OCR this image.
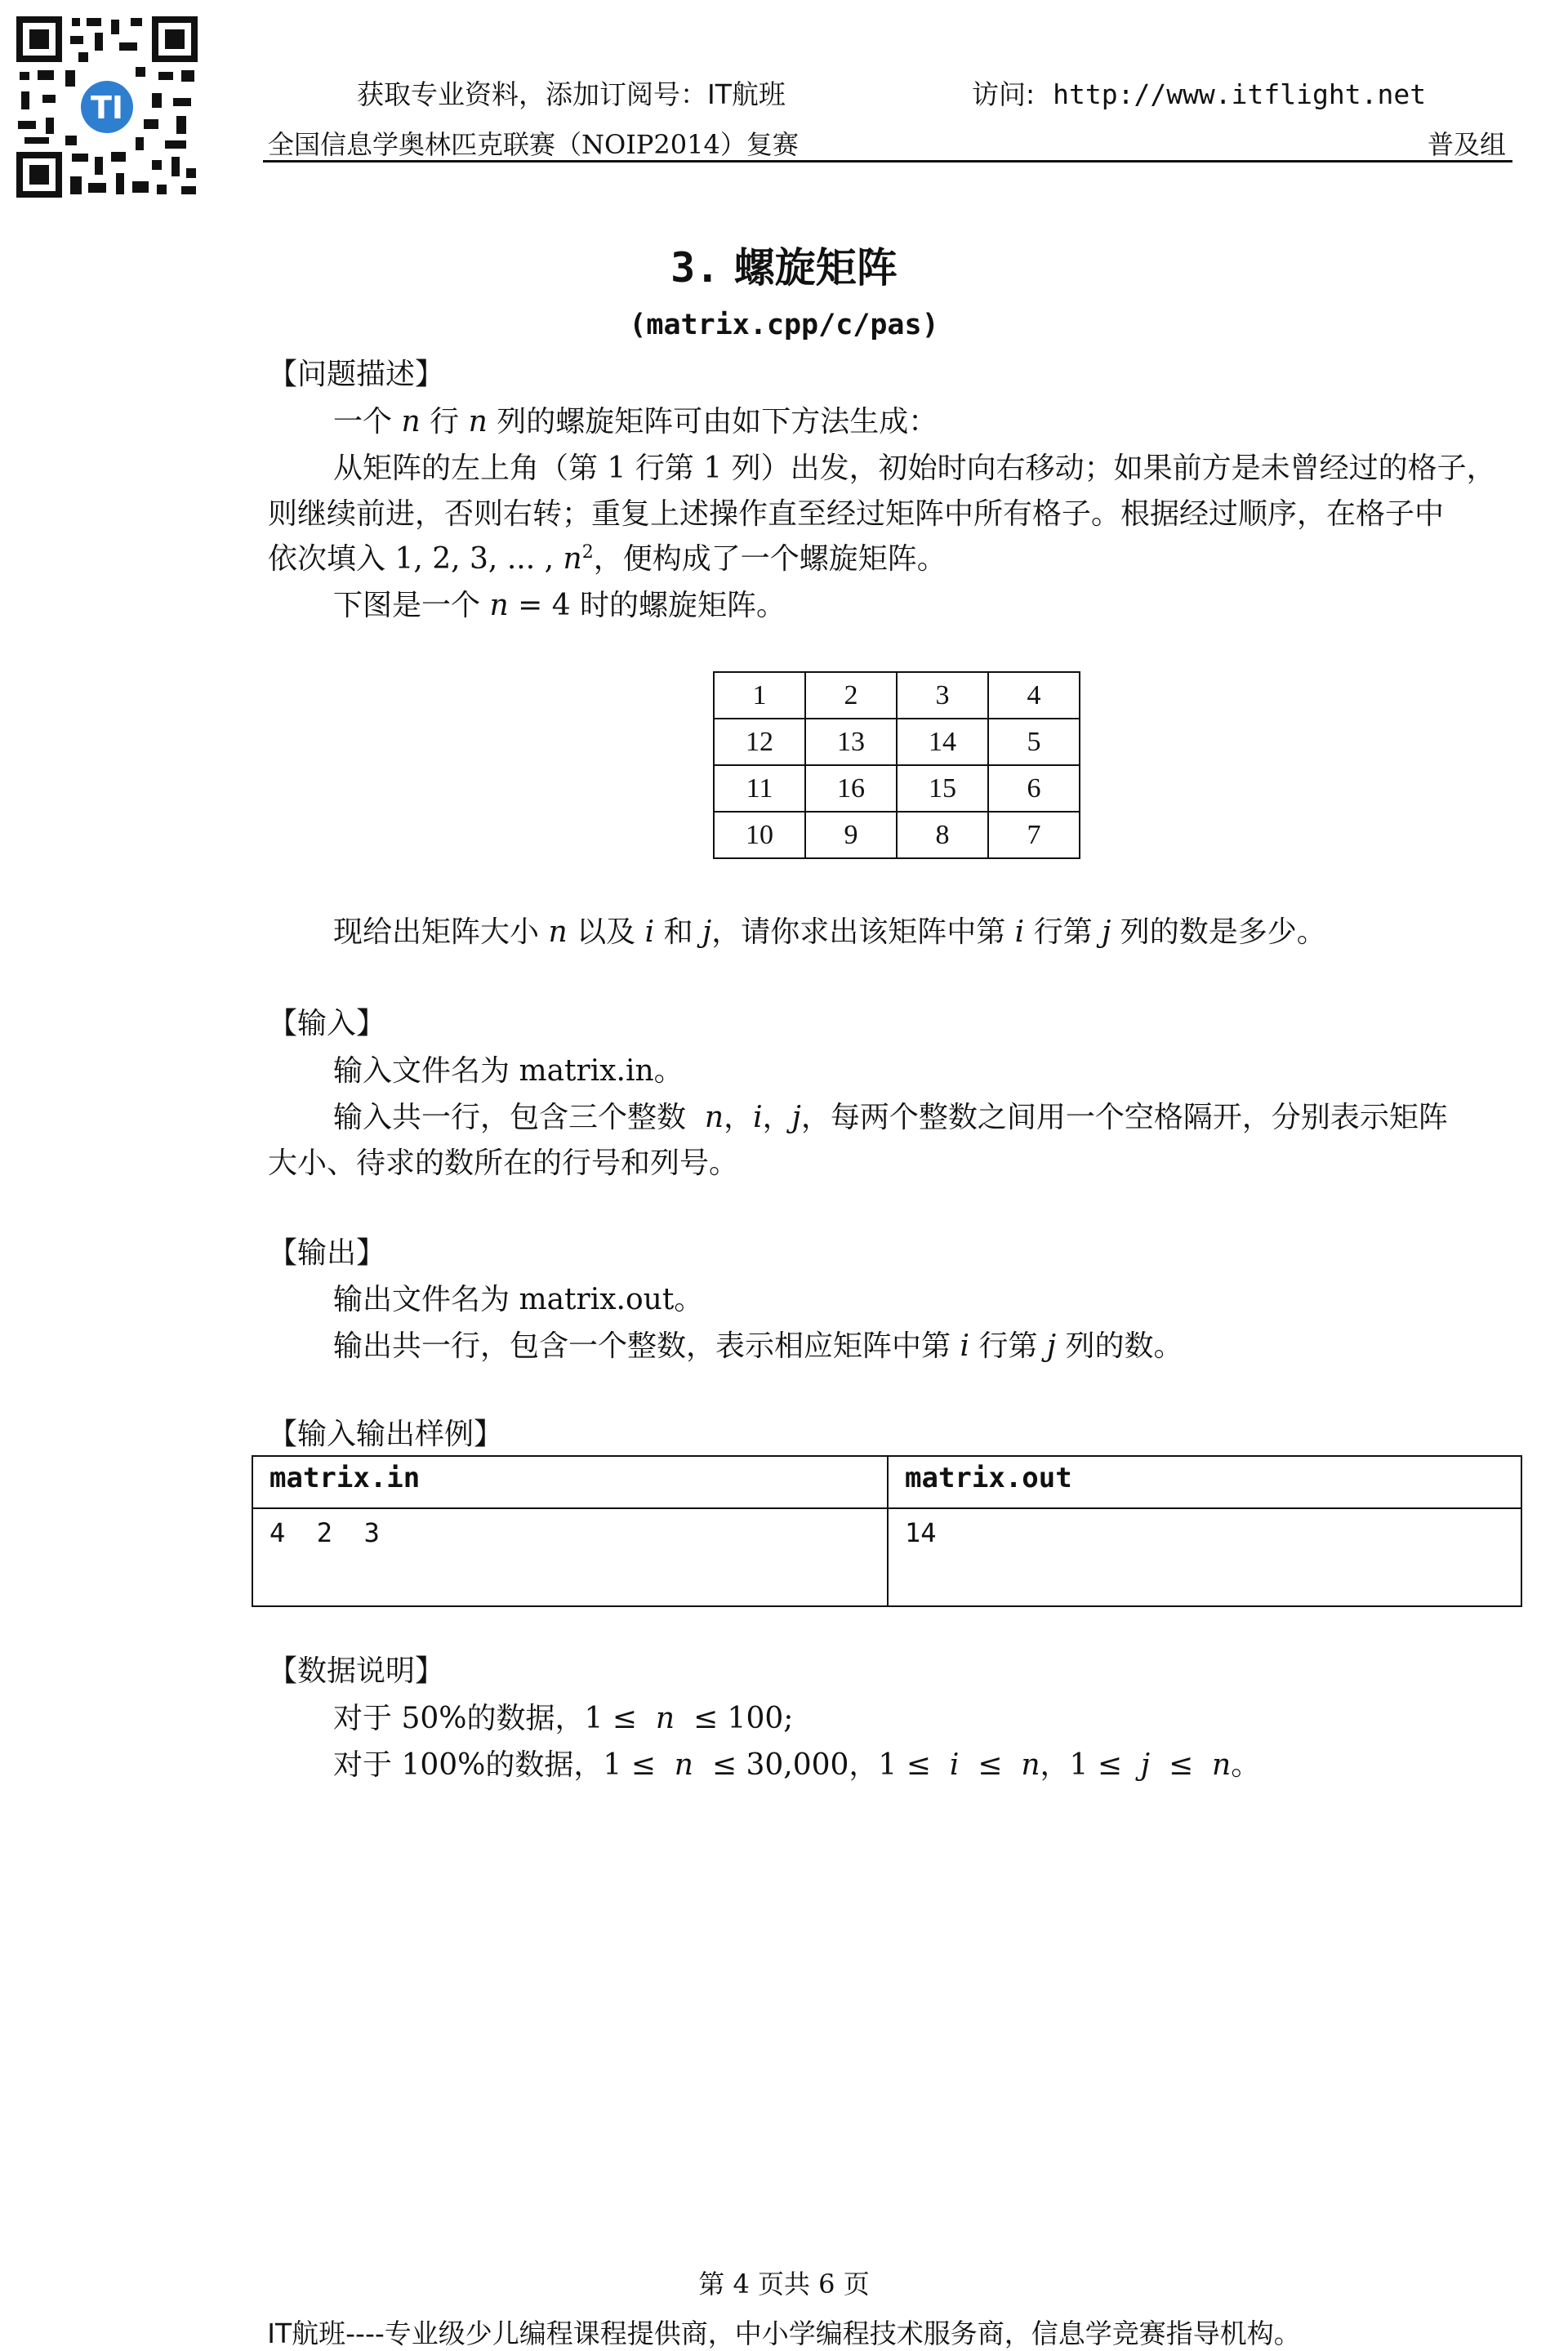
TI	获取专业资料，添加订阅号：IT航班	访问: http://www.itflight.net
全国信息学奥林匹克联赛（NOIP2014）复赛	普及组
3. 螺旋矩阵
(matrix.cpp/c/pas)
【问题描述】
一个 n 行 n 列的螺旋矩阵可由如下方法生成：
从矩阵的左上角（第 1 行第 1 列）出发，初始时向右移动；如果前方是未曾经过的格子，
则继续前进，否则右转；重复上述操作直至经过矩阵中所有格子。根据经过顺序，在格子中
依次填入 1, 2, 3, ... , $n^2$，便构成了一个螺旋矩阵。
下图是一个 n = 4 时的螺旋矩阵。
1	2	3	4
12	13	14	5
11	16	15	6
10	9	8	7
现给出矩阵大小 n 以及 i 和 j，请你求出该矩阵中第 i 行第 j 列的数是多少。
【输入】
输入文件名为 matrix.in。
输入共一行，包含三个整数 n，i，j，每两个整数之间用一个空格隔开，分别表示矩阵
大小、待求的数所在的行号和列号。
【输出】
输出文件名为 matrix.out。
输出共一行，包含一个整数，表示相应矩阵中第 i 行第 j 列的数。
【输入输出样例】
matrix.in	matrix.out
4  2  3	14
【数据说明】
对于 50%的数据，1 ≤ n ≤ 100;
对于 100%的数据，1 ≤ n ≤ 30,000，1 ≤ i ≤ n，1 ≤ j ≤ n。
第 4 页共 6 页
IT航班----专业级少儿编程课程提供商，中小学编程技术服务商，信息学竞赛指导机构。
